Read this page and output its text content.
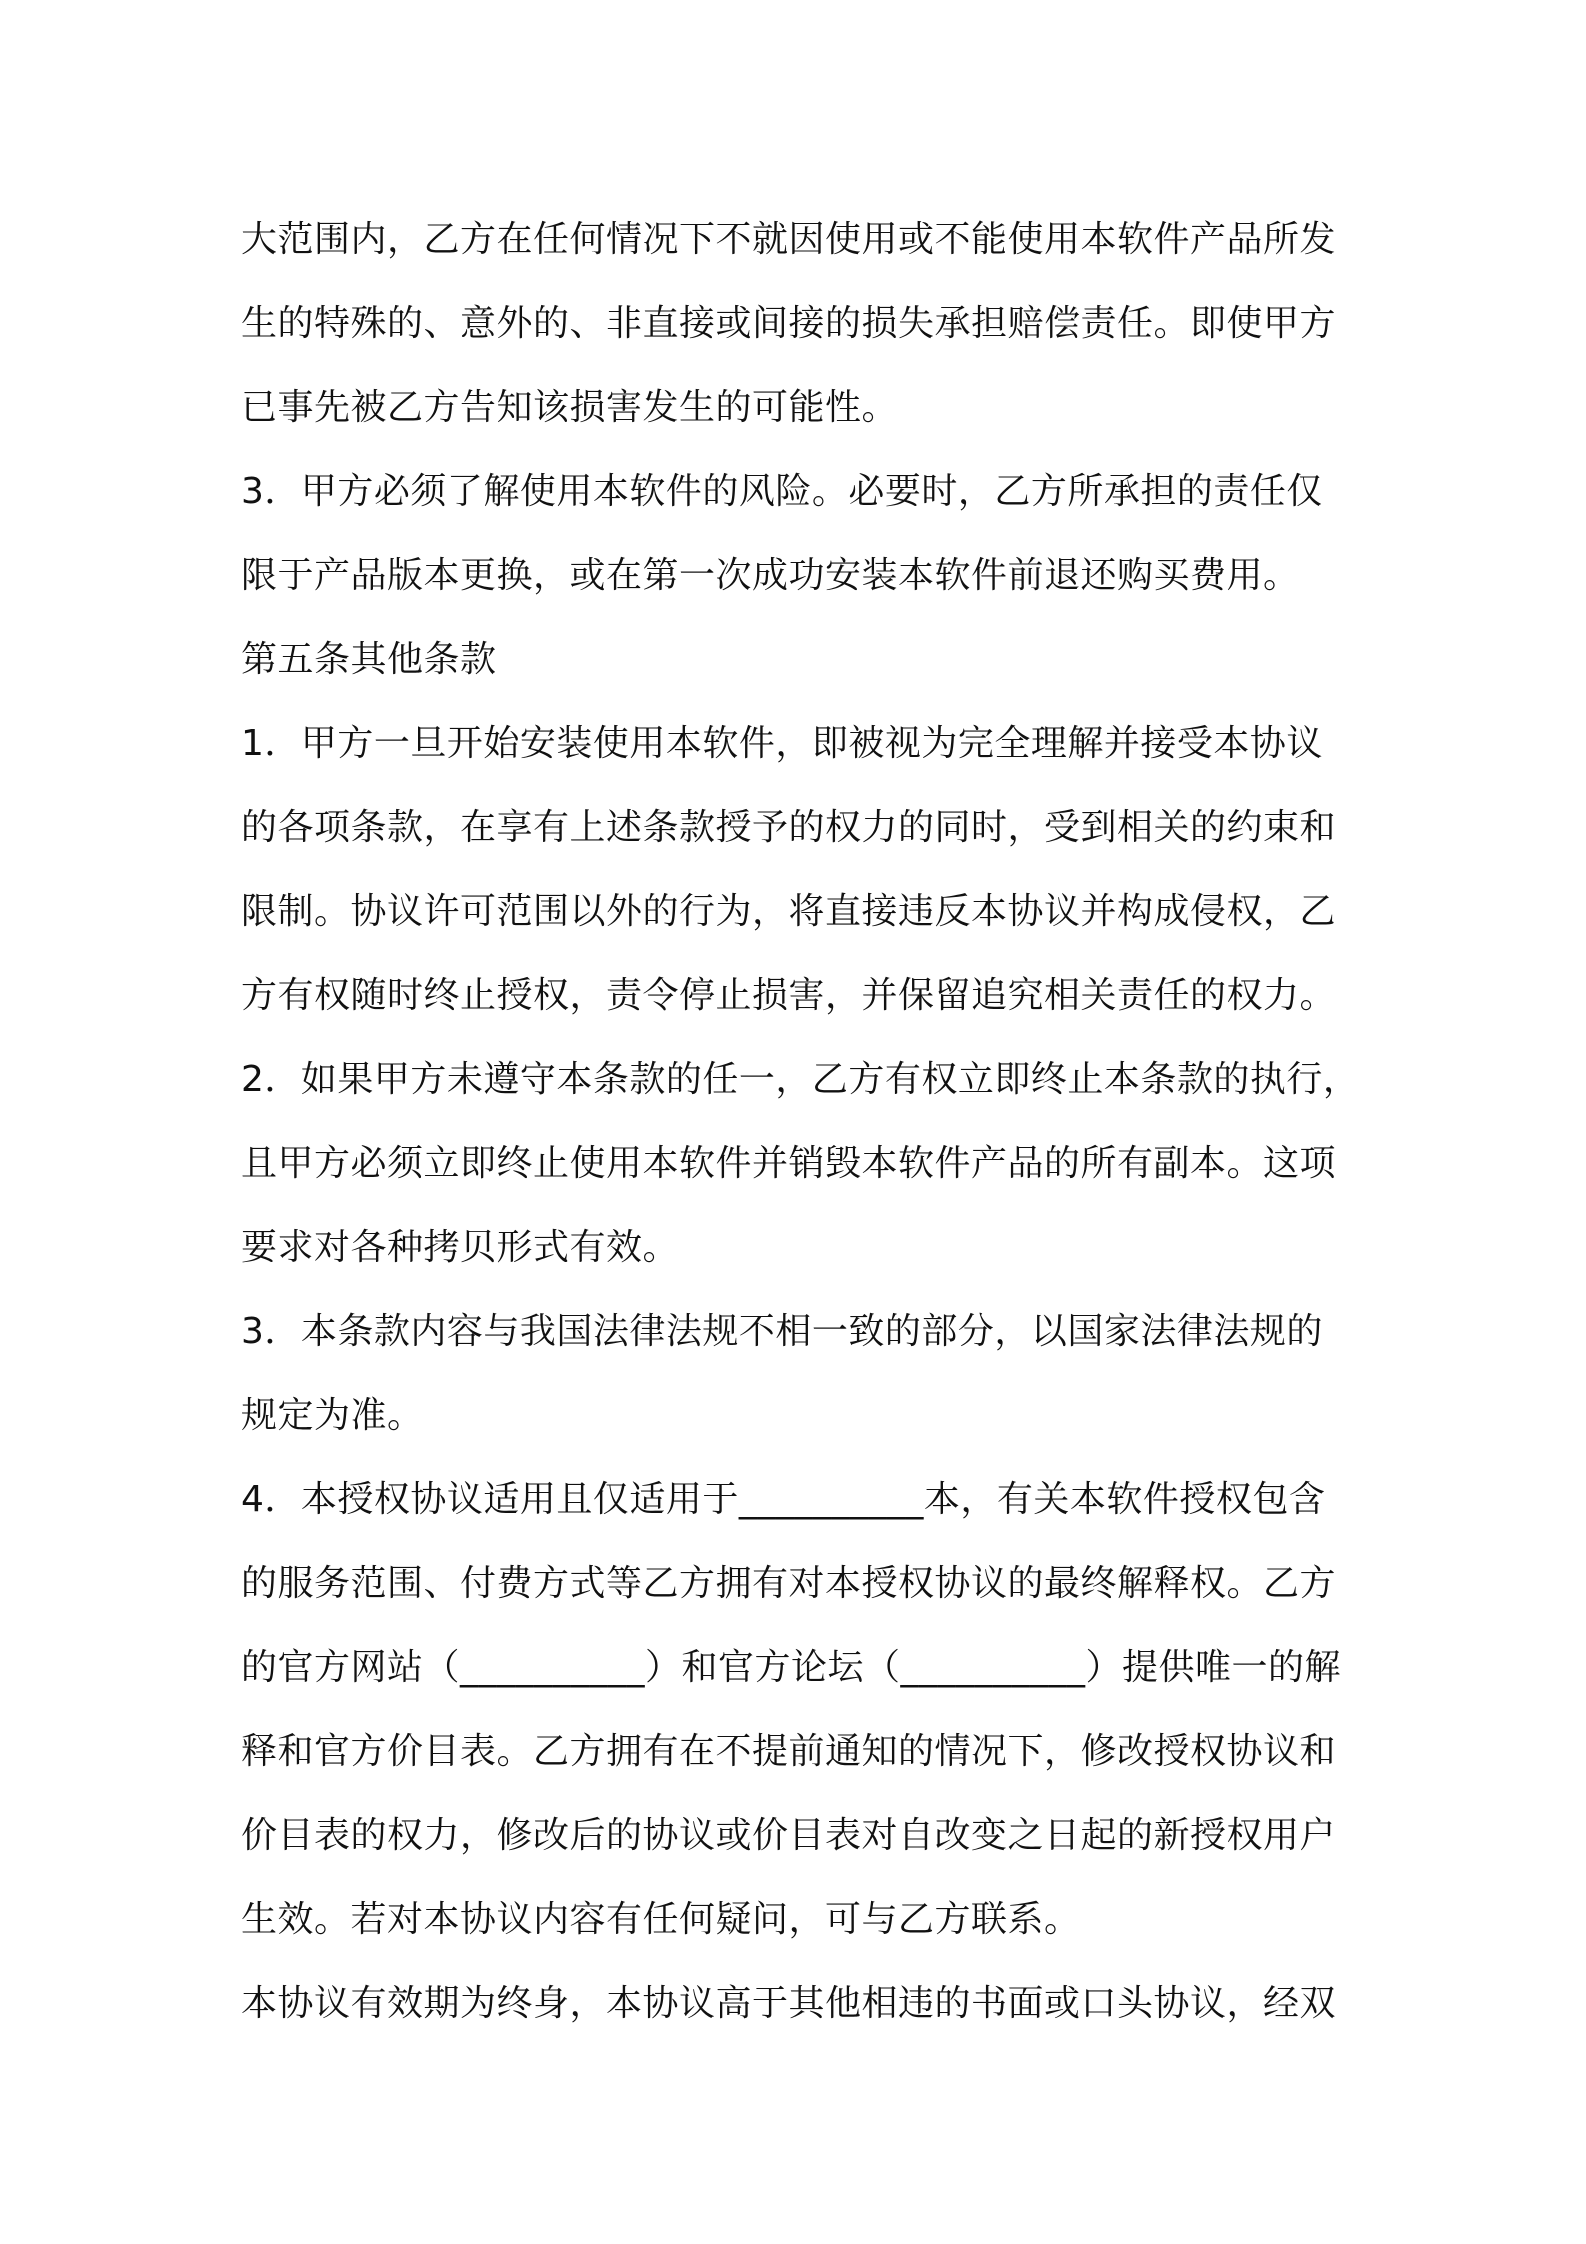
大范围内，乙方在任何情况下不就因使用或不能使用本软件产品所发
生的特殊的、意外的、非直接或间接的损失承担赔偿责任。即使甲方
已事先被乙方告知该损害发生的可能性。
3．甲方必须了解使用本软件的风险。必要时，乙方所承担的责任仅
限于产品版本更换，或在第一次成功安装本软件前退还购买费用。
第五条其他条款
1．甲方一旦开始安装使用本软件，即被视为完全理解并接受本协议
的各项条款，在享有上述条款授予的权力的同时，受到相关的约束和
限制。协议许可范围以外的行为，将直接违反本协议并构成侵权，乙
方有权随时终止授权，责令停止损害，并保留追究相关责任的权力。
2．如果甲方未遵守本条款的任一，乙方有权立即终止本条款的执行，
且甲方必须立即终止使用本软件并销毁本软件产品的所有副本。这项
要求对各种拷贝形式有效。
3．本条款内容与我国法律法规不相一致的部分，以国家法律法规的
规定为准。
4．本授权协议适用且仅适用于__________本，有关本软件授权包含
的服务范围、付费方式等乙方拥有对本授权协议的最终解释权。乙方
的官方网站（__________）和官方论坛（__________）提供唯一的解
释和官方价目表。乙方拥有在不提前通知的情况下，修改授权协议和
价目表的权力，修改后的协议或价目表对自改变之日起的新授权用户
生效。若对本协议内容有任何疑问，可与乙方联系。
本协议有效期为终身，本协议高于其他相违的书面或口头协议，经双
